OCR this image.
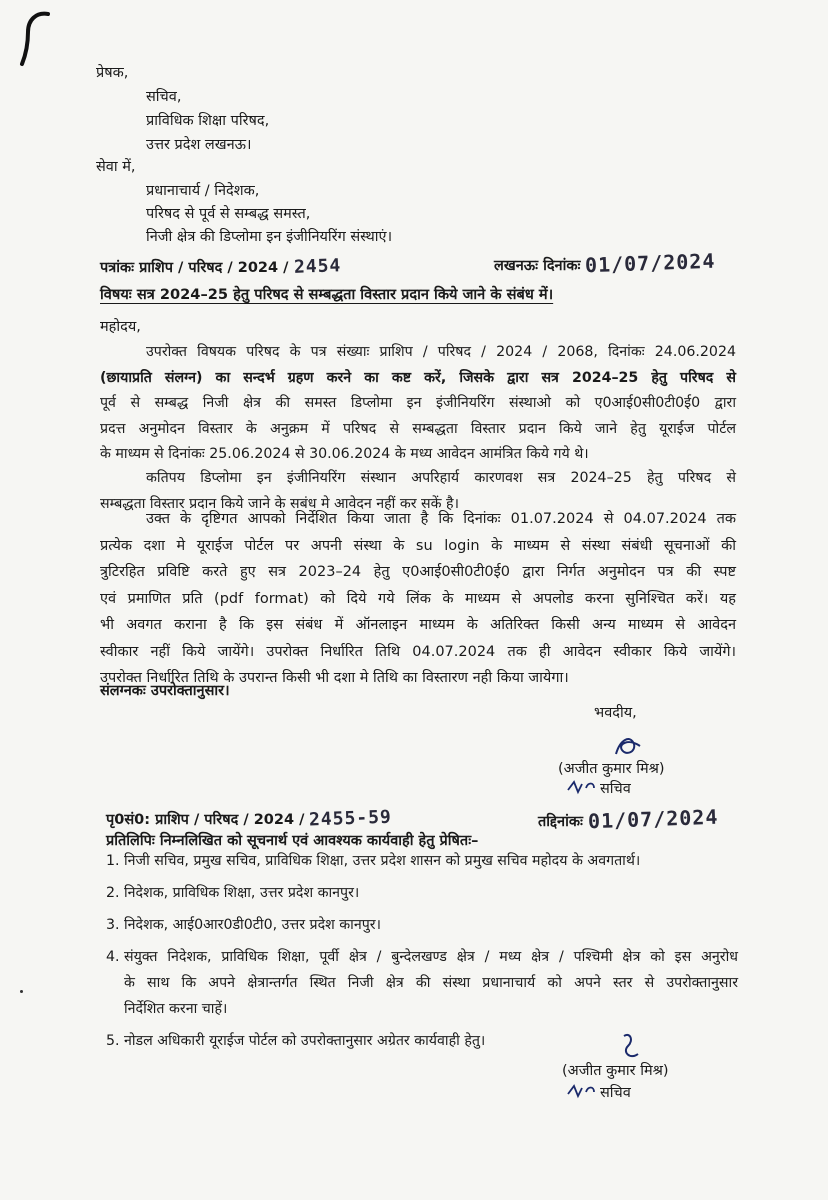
प्रेषक,
सचिव,
प्राविधिक शिक्षा परिषद,
उत्तर प्रदेश लखनऊ।
सेवा में,
प्रधानाचार्य / निदेशक,
परिषद से पूर्व से सम्बद्ध समस्त,
निजी क्षेत्र की डिप्लोमा इन इंजीनियरिंग संस्थाएं।
पत्रांकः प्राशिप / परिषद / 2024 / 2454	लखनऊः दिनांकः 01/07/2024
विषयः सत्र 2024–25 हेतु परिषद से सम्बद्धता विस्तार प्रदान किये जाने के संबंध में।
महोदय,
उपरोक्त विषयक परिषद के पत्र संख्याः प्राशिप / परिषद / 2024 / 2068, दिनांकः 24.06.2024
(छायाप्रति संलग्न) का सन्दर्भ ग्रहण करने का कष्ट करें, जिसके द्वारा सत्र 2024–25 हेतु परिषद से
पूर्व से सम्बद्ध निजी क्षेत्र की समस्त डिप्लोमा इन इंजीनियरिंग संस्थाओ को ए0आई0सी0टी0ई0 द्वारा
प्रदत्त अनुमोदन विस्तार के अनुक्रम में परिषद से सम्बद्धता विस्तार प्रदान किये जाने हेतु यूराईज पोर्टल
के माध्यम से दिनांकः 25.06.2024 से 30.06.2024 के मध्य आवेदन आमंत्रित किये गये थे।
कतिपय डिप्लोमा इन इंजीनियरिंग संस्थान अपरिहार्य कारणवश सत्र 2024–25 हेतु परिषद से
सम्बद्धता विस्तार प्रदान किये जाने के सबंध मे आवेदन नहीं कर सकें है।
उक्त के दृष्टिगत आपको निर्देशित किया जाता है कि दिनांकः 01.07.2024 से 04.07.2024 तक
प्रत्येक दशा मे यूराईज पोर्टल पर अपनी संस्था के su login के माध्यम से संस्था संबंधी सूचनाओं की
त्रुटिरहित प्रविष्टि करते हुए सत्र 2023–24 हेतु ए0आई0सी0टी0ई0 द्वारा निर्गत अनुमोदन पत्र की स्पष्ट
एवं प्रमाणित प्रति (pdf format) को दिये गये लिंक के माध्यम से अपलोड करना सुनिश्चित करें। यह
भी अवगत कराना है कि इस संबंध में ऑनलाइन माध्यम के अतिरिक्त किसी अन्य माध्यम से आवेदन
स्वीकार नहीं किये जायेंगे। उपरोक्त निर्धारित तिथि 04.07.2024 तक ही आवेदन स्वीकार किये जायेंगे।
उपरोक्त निर्धारित तिथि के उपरान्त किसी भी दशा मे तिथि का विस्तारण नही किया जायेगा।
संलग्नकः उपरोक्तानुसार।
भवदीय,
(अजीत कुमार मिश्र)
सचिव
पृ0सं0: प्राशिप / परिषद / 2024 / 2455-59	तद्दिनांकः 01/07/2024
प्रतिलिपिः निम्नलिखित को सूचनार्थ एवं आवश्यक कार्यवाही हेतु प्रेषितः–
1. निजी सचिव, प्रमुख सचिव, प्राविधिक शिक्षा, उत्तर प्रदेश शासन को प्रमुख सचिव महोदय के अवगतार्थ।
2. निदेशक, प्राविधिक शिक्षा, उत्तर प्रदेश कानपुर।
3. निदेशक, आई0आर0डी0टी0, उत्तर प्रदेश कानपुर।
4. संयुक्त निदेशक, प्राविधिक शिक्षा, पूर्वी क्षेत्र / बुन्देलखण्ड क्षेत्र / मध्य क्षेत्र / पश्चिमी क्षेत्र को इस अनुरोध
के साथ कि अपने क्षेत्रान्तर्गत स्थित निजी क्षेत्र की संस्था प्रधानाचार्य को अपने स्तर से उपरोक्तानुसार
निर्देशित करना चाहें।
5. नोडल अधिकारी यूराईज पोर्टल को उपरोक्तानुसार अग्रेतर कार्यवाही हेतु।
(अजीत कुमार मिश्र)
सचिव
